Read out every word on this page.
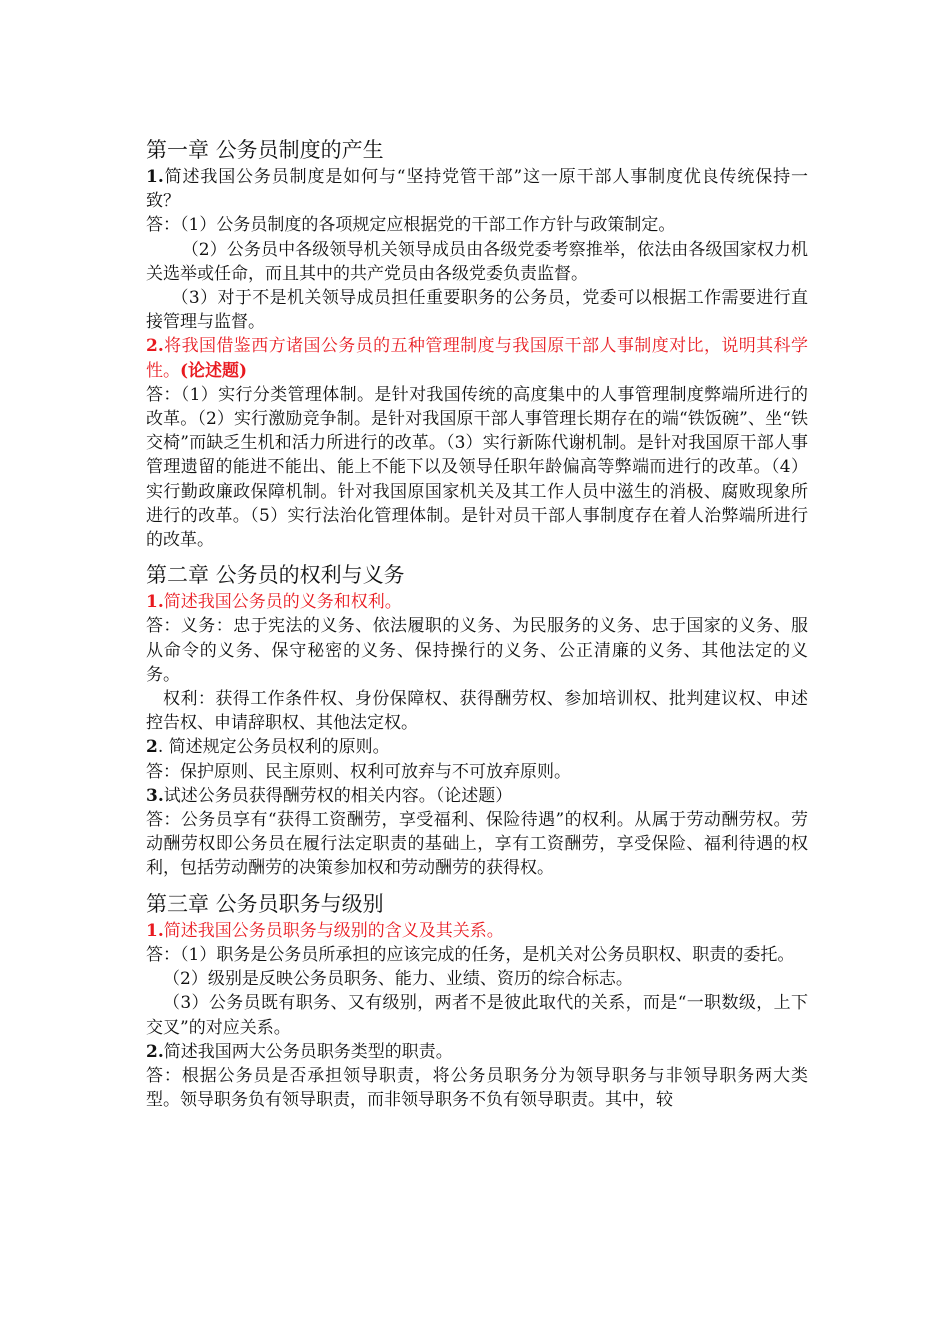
第一章 公务员制度的产生

1.简述我国公务员制度是如何与“坚持党管干部”这一原干部人事制度优良传统保持一致？

答：（1）公务员制度的各项规定应根据党的干部工作方针与政策制定。

（2）公务员中各级领导机关领导成员由各级党委考察推举，依法由各级国家权力机关选举或任命，而且其中的共产党员由各级党委负责监督。

（3）对于不是机关领导成员担任重要职务的公务员，党委可以根据工作需要进行直接管理与监督。

2.将我国借鉴西方诸国公务员的五种管理制度与我国原干部人事制度对比，说明其科学性。(论述题)

答：（1）实行分类管理体制。是针对我国传统的高度集中的人事管理制度弊端所进行的改革。（2）实行激励竞争制。是针对我国原干部人事管理长期存在的端“铁饭碗”、坐“铁交椅”而缺乏生机和活力所进行的改革。（3）实行新陈代谢机制。是针对我国原干部人事管理遗留的能进不能出、能上不能下以及领导任职年龄偏高等弊端而进行的改革。（4）实行勤政廉政保障机制。针对我国原国家机关及其工作人员中滋生的消极、腐败现象所进行的改革。（5）实行法治化管理体制。是针对员干部人事制度存在着人治弊端所进行的改革。

第二章 公务员的权利与义务

1.简述我国公务员的义务和权利。

答：义务：忠于宪法的义务、依法履职的义务、为民服务的义务、忠于国家的义务、服从命令的义务、保守秘密的义务、保持操行的义务、公正清廉的义务、其他法定的义务。

权利：获得工作条件权、身份保障权、获得酬劳权、参加培训权、批判建议权、申述控告权、申请辞职权、其他法定权。

2. 简述规定公务员权利的原则。

答：保护原则、民主原则、权利可放弃与不可放弃原则。

3.试述公务员获得酬劳权的相关内容。（论述题）

答：公务员享有“获得工资酬劳，享受福利、保险待遇”的权利。从属于劳动酬劳权。劳动酬劳权即公务员在履行法定职责的基础上，享有工资酬劳，享受保险、福利待遇的权利，包括劳动酬劳的决策参加权和劳动酬劳的获得权。

第三章 公务员职务与级别

1.简述我国公务员职务与级别的含义及其关系。

答：（1）职务是公务员所承担的应该完成的任务，是机关对公务员职权、职责的委托。

（2）级别是反映公务员职务、能力、业绩、资历的综合标志。

（3）公务员既有职务、又有级别，两者不是彼此取代的关系，而是“一职数级，上下交叉”的对应关系。

2.简述我国两大公务员职务类型的职责。

答：根据公务员是否承担领导职责，将公务员职务分为领导职务与非领导职务两大类型。领导职务负有领导职责，而非领导职务不负有领导职责。其中，较
